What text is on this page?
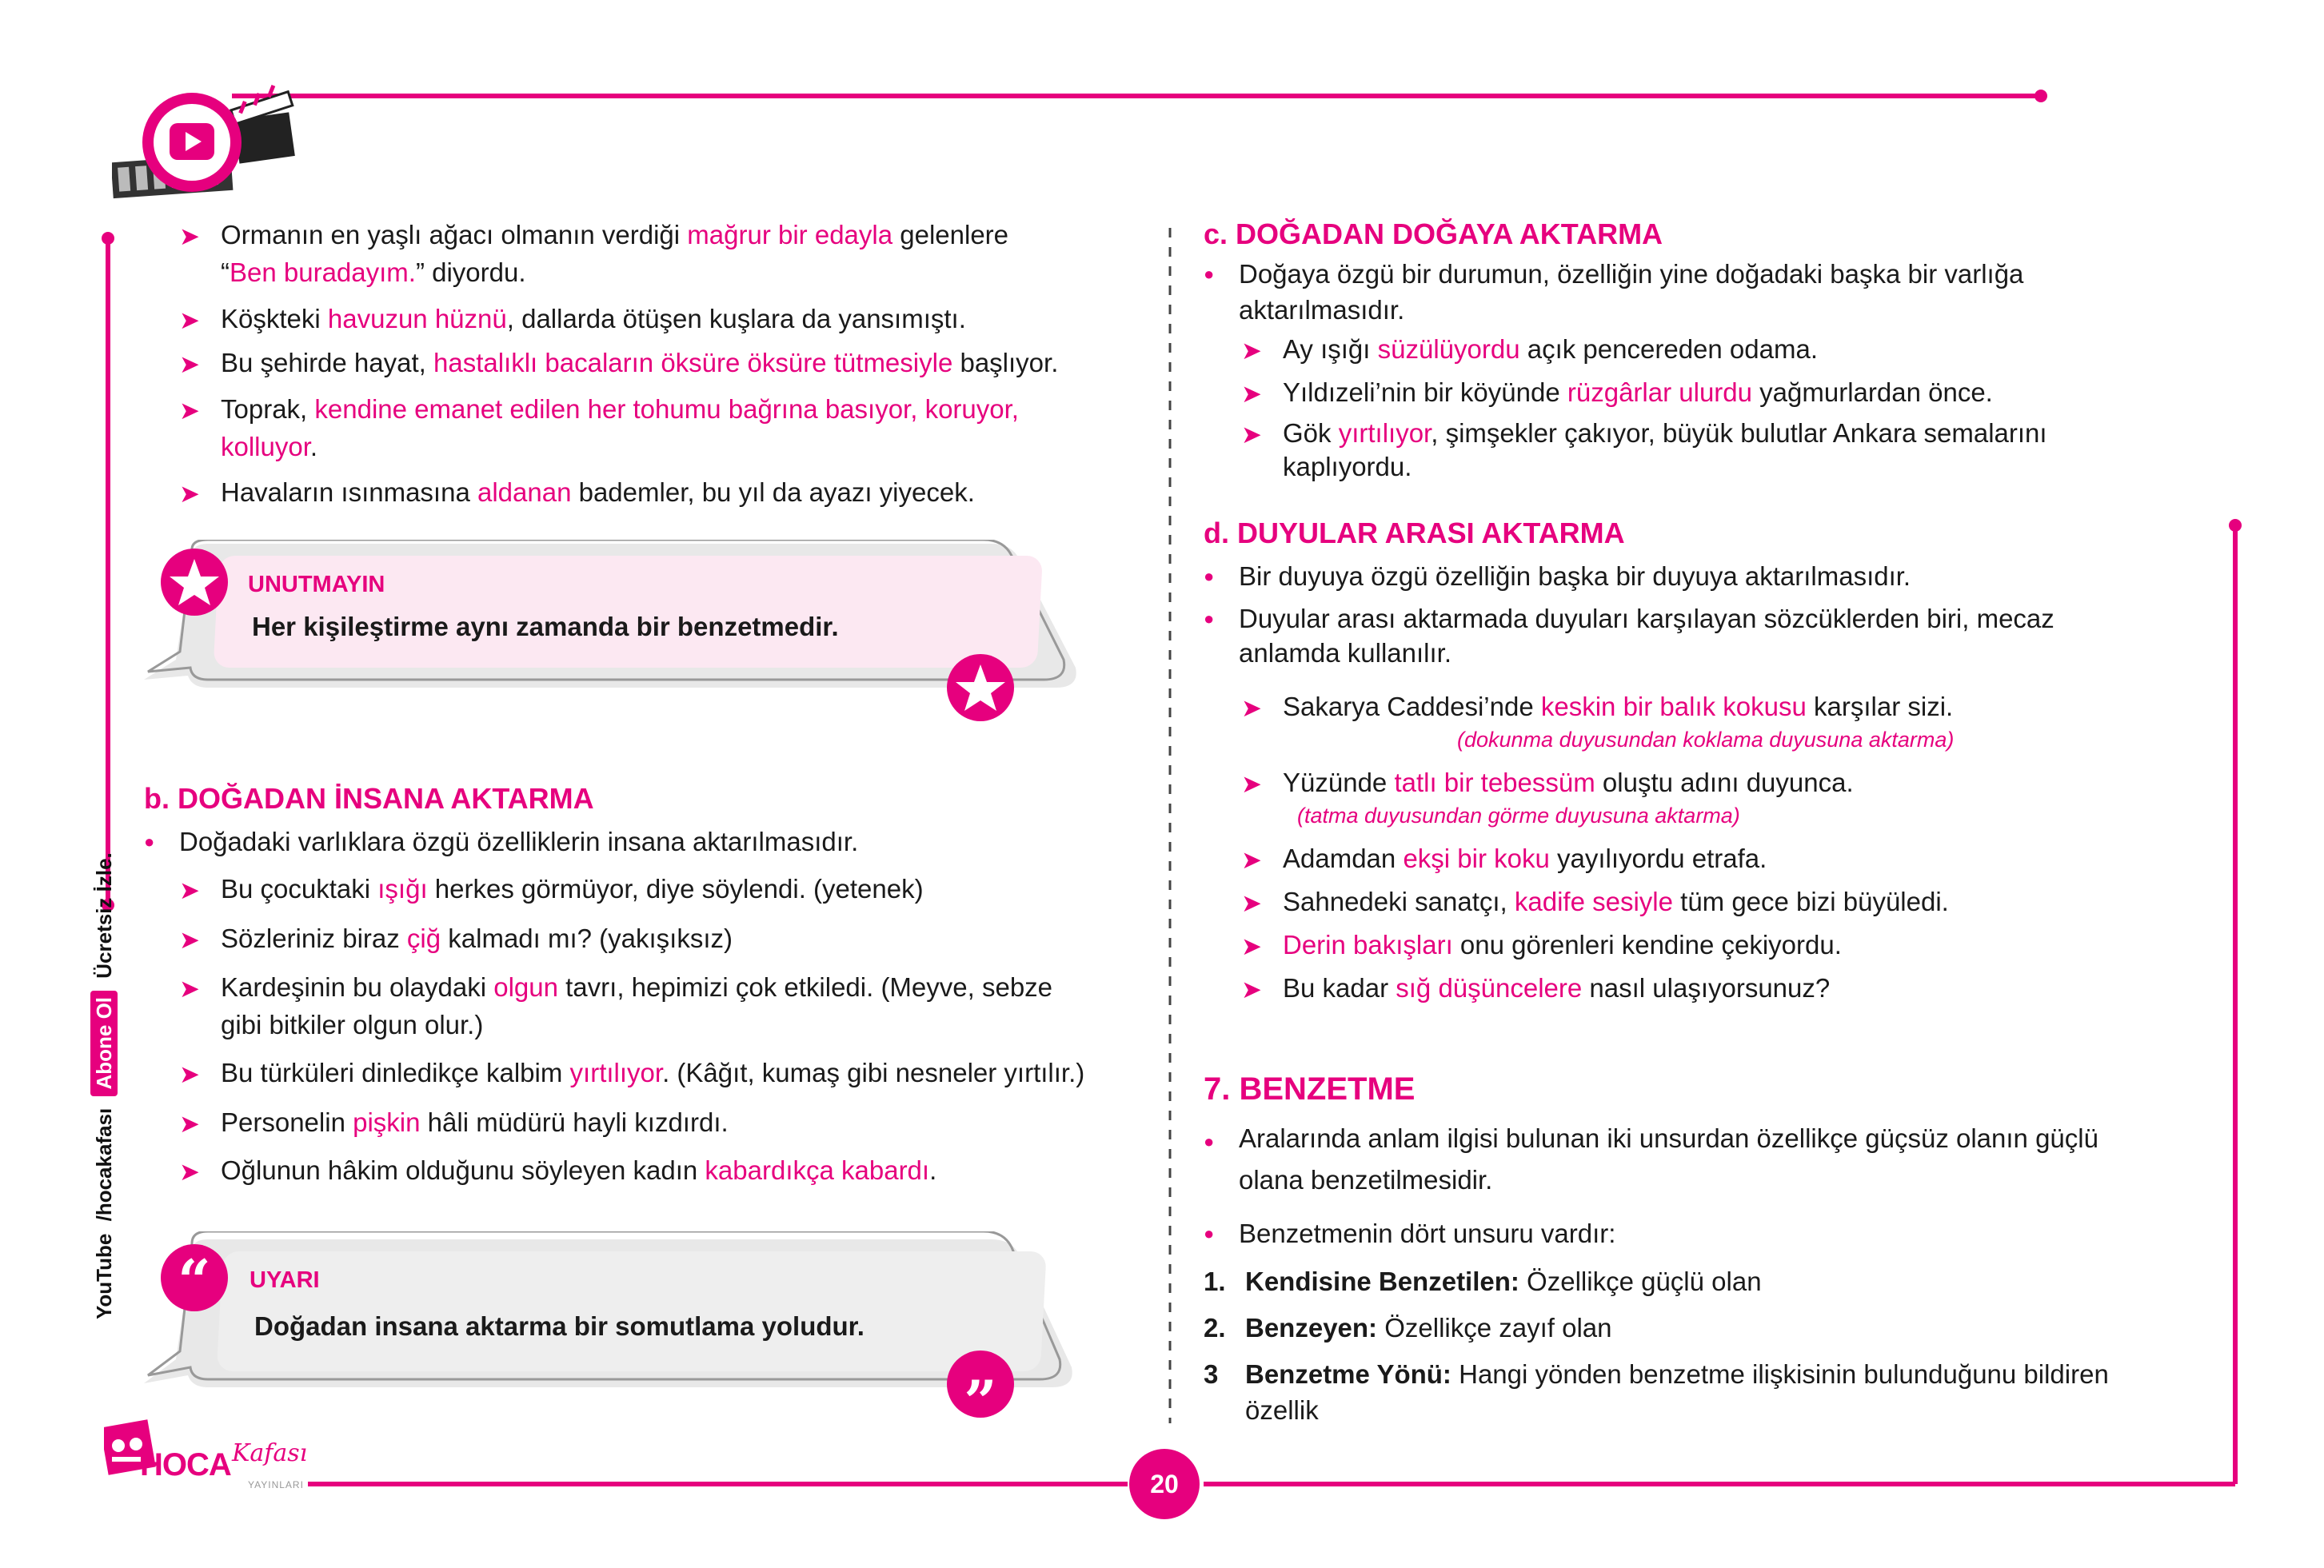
➤ Ormanın en yaşlı ağacı olmanın verdiği mağrur bir edayla gelenlere
“Ben buradayım.” diyordu.
➤ Köşkteki havuzun hüznü, dallarda ötüşen kuşlara da yansımıştı.
➤ Bu şehirde hayat, hastalıklı bacaların öksüre öksüre tütmesiyle başlıyor.
➤ Toprak, kendine emanet edilen her tohumu bağrına basıyor, koruyor,
kolluyor.
➤ Havaların ısınmasına aldanan bademler, bu yıl da ayazı yiyecek.
UNUTMAYIN
Her kişileştirme aynı zamanda bir benzetmedir.
b. DOĞADAN İNSANA AKTARMA
● Doğadaki varlıklara özgü özelliklerin insana aktarılmasıdır.
➤ Bu çocuktaki ışığı herkes görmüyor, diye söylendi. (yetenek)
➤ Sözleriniz biraz çiğ kalmadı mı? (yakışıksız)
➤ Kardeşinin bu olaydaki olgun tavrı, hepimizi çok etkiledi. (Meyve, sebze
gibi bitkiler olgun olur.)
➤ Bu türküleri dinledikçe kalbim yırtılıyor. (Kâğıt, kumaş gibi nesneler yırtılır.)
➤ Personelin pişkin hâli müdürü hayli kızdırdı.
➤ Oğlunun hâkim olduğunu söyleyen kadın kabardıkça kabardı.
“ UYARI
Doğadan insana aktarma bir somutlama yoludur.
”
YouTube /hocakafası Abone Ol Ücretsiz İzle.
HOCA Kafası
YAYINLARI	20
c. DOĞADAN DOĞAYA AKTARMA
● Doğaya özgü bir durumun, özelliğin yine doğadaki başka bir varlığa
aktarılmasıdır.
➤ Ay ışığı süzülüyordu açık pencereden odama.
➤ Yıldızeli’nin bir köyünde rüzgârlar ulurdu yağmurlardan önce.
➤ Gök yırtılıyor, şimşekler çakıyor, büyük bulutlar Ankara semalarını
kaplıyordu.
d. DUYULAR ARASI AKTARMA
● Bir duyuya özgü özelliğin başka bir duyuya aktarılmasıdır.
● Duyular arası aktarmada duyuları karşılayan sözcüklerden biri, mecaz
anlamda kullanılır.
➤ Sakarya Caddesi’nde keskin bir balık kokusu karşılar sizi.
(dokunma duyusundan koklama duyusuna aktarma)
➤ Yüzünde tatlı bir tebessüm oluştu adını duyunca.
(tatma duyusundan görme duyusuna aktarma)
➤ Adamdan ekşi bir koku yayılıyordu etrafa.
➤ Sahnedeki sanatçı, kadife sesiyle tüm gece bizi büyüledi.
➤ Derin bakışları onu görenleri kendine çekiyordu.
➤ Bu kadar sığ düşüncelere nasıl ulaşıyorsunuz?
7. BENZETME
● Aralarında anlam ilgisi bulunan iki unsurdan özellikçe güçsüz olanın güçlü
olana benzetilmesidir.
● Benzetmenin dört unsuru vardır:
1. Kendisine Benzetilen: Özellikçe güçlü olan
2. Benzeyen: Özellikçe zayıf olan
3 Benzetme Yönü: Hangi yönden benzetme ilişkisinin bulunduğunu bildiren
özellik
